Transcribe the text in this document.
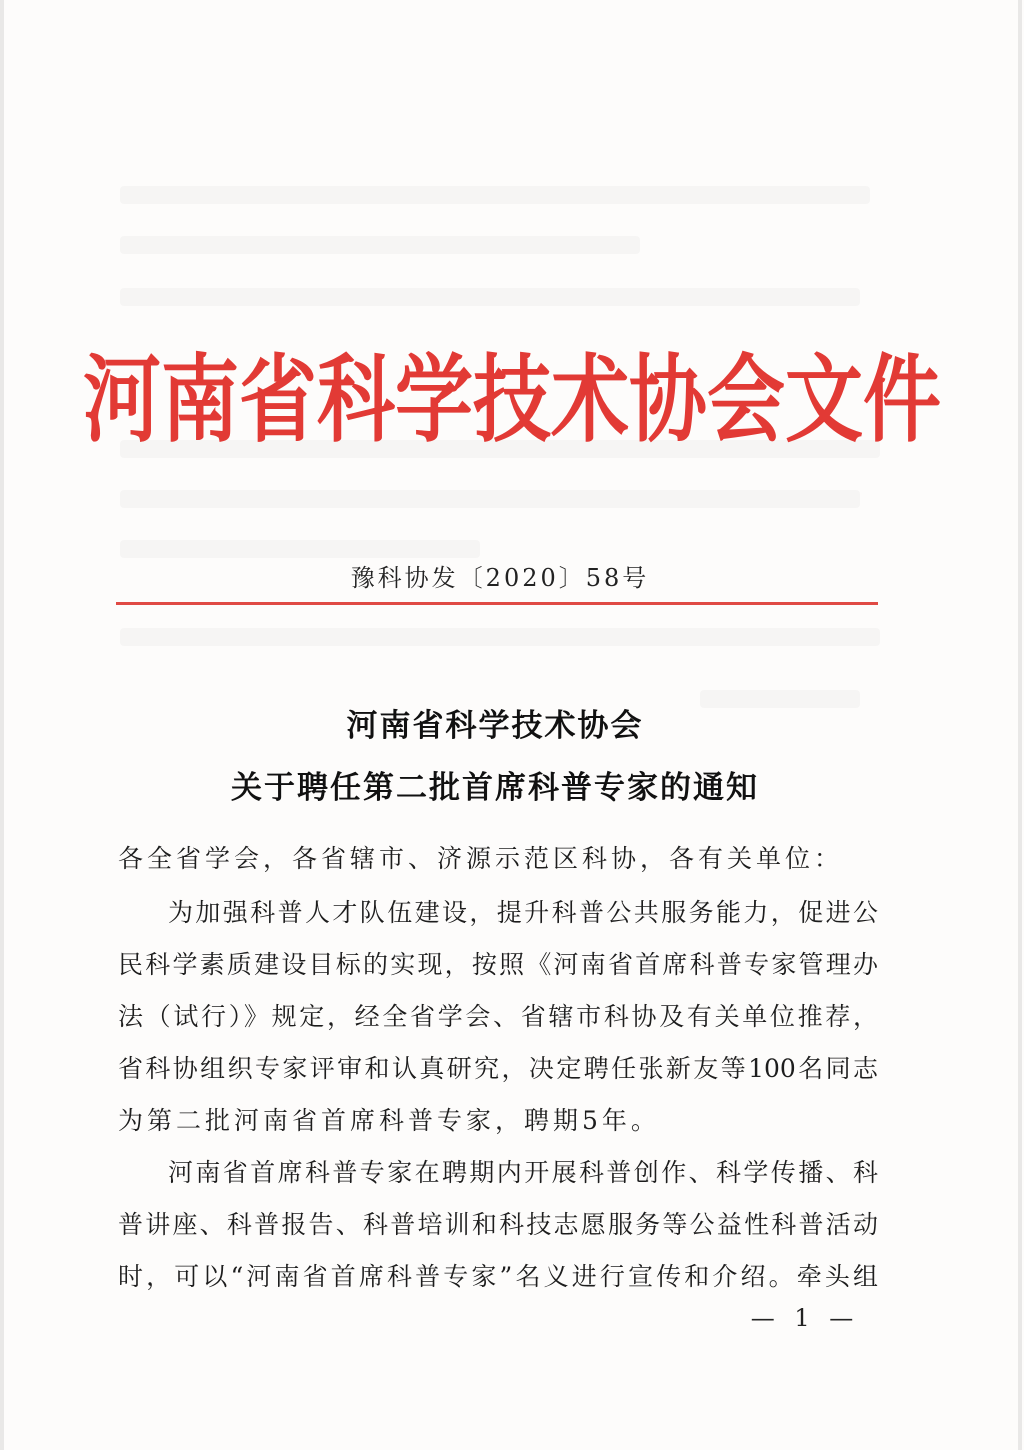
河南省科学技术协会文件
豫科协发〔2020〕58号
河南省科学技术协会
关于聘任第二批首席科普专家的通知
各全省学会，各省辖市、济源示范区科协，各有关单位：
为加强科普人才队伍建设，提升科普公共服务能力，促进公
民科学素质建设目标的实现，按照《河南省首席科普专家管理办
法（试行）》规定，经全省学会、省辖市科协及有关单位推荐，
省科协组织专家评审和认真研究，决定聘任张新友等100名同志
为第二批河南省首席科普专家，聘期5年。
河南省首席科普专家在聘期内开展科普创作、科学传播、科
普讲座、科普报告、科普培训和科技志愿服务等公益性科普活动
时，可以“河南省首席科普专家”名义进行宣传和介绍。牵头组
— 1 —
